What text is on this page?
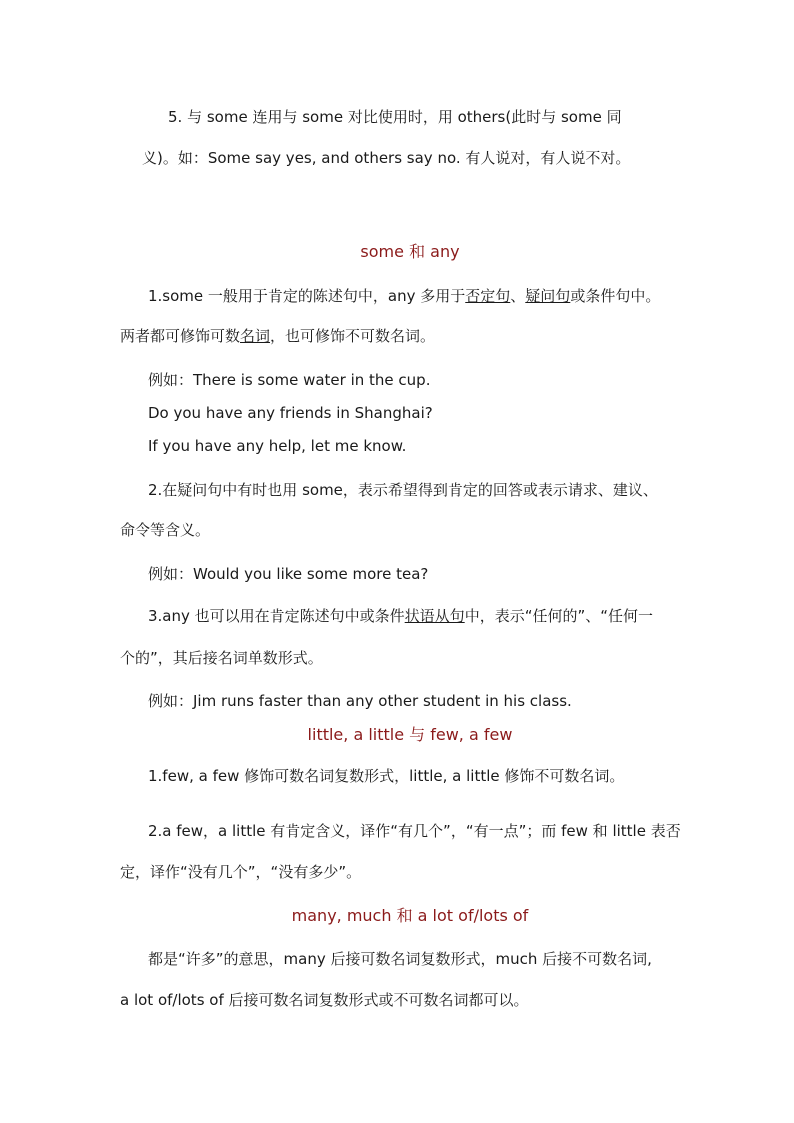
5. 与 some 连用与 some 对比使用时，用 others(此时与 some 同
义)。如：Some say yes, and others say no. 有人说对，有人说不对。
some 和 any
1.some 一般用于肯定的陈述句中，any 多用于否定句、疑问句或条件句中。
两者都可修饰可数名词，也可修饰不可数名词。
例如：There is some water in the cup.
Do you have any friends in Shanghai?
If you have any help, let me know.
2.在疑问句中有时也用 some，表示希望得到肯定的回答或表示请求、建议、
命令等含义。
例如：Would you like some more tea?
3.any 也可以用在肯定陈述句中或条件状语从句中，表示“任何的”、“任何一
个的”，其后接名词单数形式。
例如：Jim runs faster than any other student in his class.
little, a little 与 few, a few
1.few, a few 修饰可数名词复数形式，little, a little 修饰不可数名词。
2.a few，a little 有肯定含义，译作“有几个”，“有一点”；而 few 和 little 表否
定，译作“没有几个”，“没有多少”。
many, much 和 a lot of/lots of
都是“许多”的意思，many 后接可数名词复数形式，much 后接不可数名词,
a lot of/lots of 后接可数名词复数形式或不可数名词都可以。
